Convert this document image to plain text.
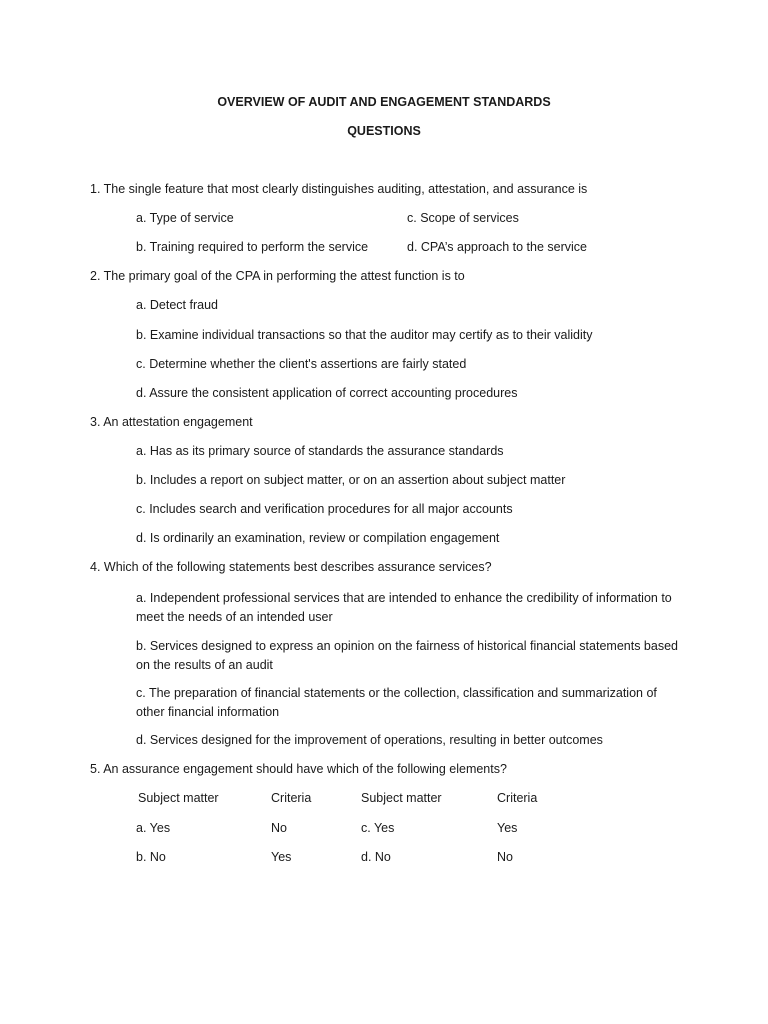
OVERVIEW OF AUDIT AND ENGAGEMENT STANDARDS
QUESTIONS
1. The single feature that most clearly distinguishes auditing, attestation, and assurance is
a. Type of service	c. Scope of services
b. Training required to perform the service	d. CPA’s approach to the service
2. The primary goal of the CPA in performing the attest function is to
a. Detect fraud
b. Examine individual transactions so that the auditor may certify as to their validity
c. Determine whether the client's assertions are fairly stated
d. Assure the consistent application of correct accounting procedures
3. An attestation engagement
a. Has as its primary source of standards the assurance standards
b. Includes a report on subject matter, or on an assertion about subject matter
c. Includes search and verification procedures for all major accounts
d. Is ordinarily an examination, review or compilation engagement
4. Which of the following statements best describes assurance services?
a. Independent professional services that are intended to enhance the credibility of information to meet the needs of an intended user
b. Services designed to express an opinion on the fairness of historical financial statements based on the results of an audit
c. The preparation of financial statements or the collection, classification and summarization of other financial information
d. Services designed for the improvement of operations, resulting in better outcomes
5. An assurance engagement should have which of the following elements?
Subject matter	Criteria	Subject matter	Criteria
a. Yes	No	c. Yes	Yes
b. No	Yes	d. No	No
